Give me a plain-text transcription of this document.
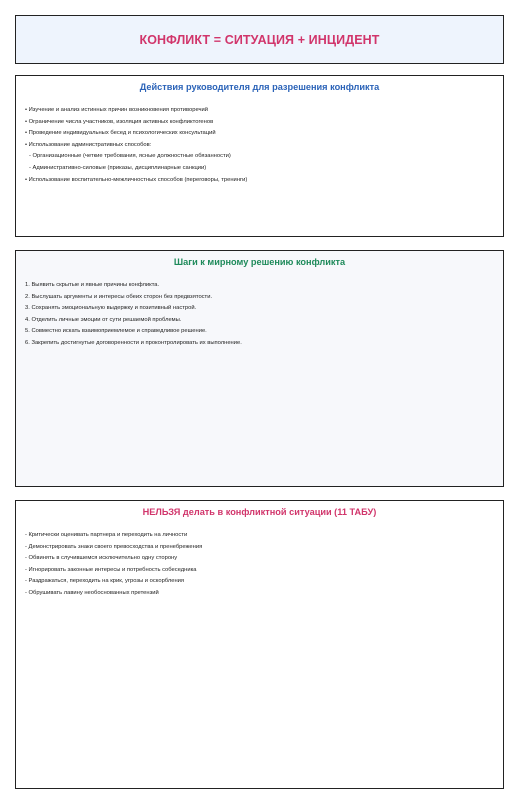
КОНФЛИКТ = СИТУАЦИЯ + ИНЦИДЕНТ
Действия руководителя для разрешения конфликта
• Изучение и анализ истинных причин возникновения противоречий
• Ограничение числа участников, изоляция активных конфликтогенов
• Проведение индивидуальных бесед и психологических консультаций
• Использование административных способов:
- Организационные (четкие требования, ясные должностные обязанности)
- Административно-силовые (приказы, дисциплинарные санкции)
• Использование воспитательно-межличностных способов (переговоры, тренинги)
Шаги к мирному решению конфликта
1. Выявить скрытые и явные причины конфликта.
2. Выслушать аргументы и интересы обеих сторон без предвзятости.
3. Сохранять эмоциональную выдержку и позитивный настрой.
4. Отделить личные эмоции от сути решаемой проблемы.
5. Совместно искать взаимоприемлемое и справедливое решение.
6. Закрепить достигнутые договоренности и проконтролировать их выполнение.
НЕЛЬЗЯ делать в конфликтной ситуации (11 ТАБУ)
- Критически оценивать партнера и переходить на личности
- Демонстрировать знаки своего превосходства и пренебрежения
- Обвинять в случившемся исключительно одну сторону
- Игнорировать законные интересы и потребность собеседника
- Раздражаться, переходить на крик, угрозы и оскорбления
- Обрушивать лавину необоснованных претензий
